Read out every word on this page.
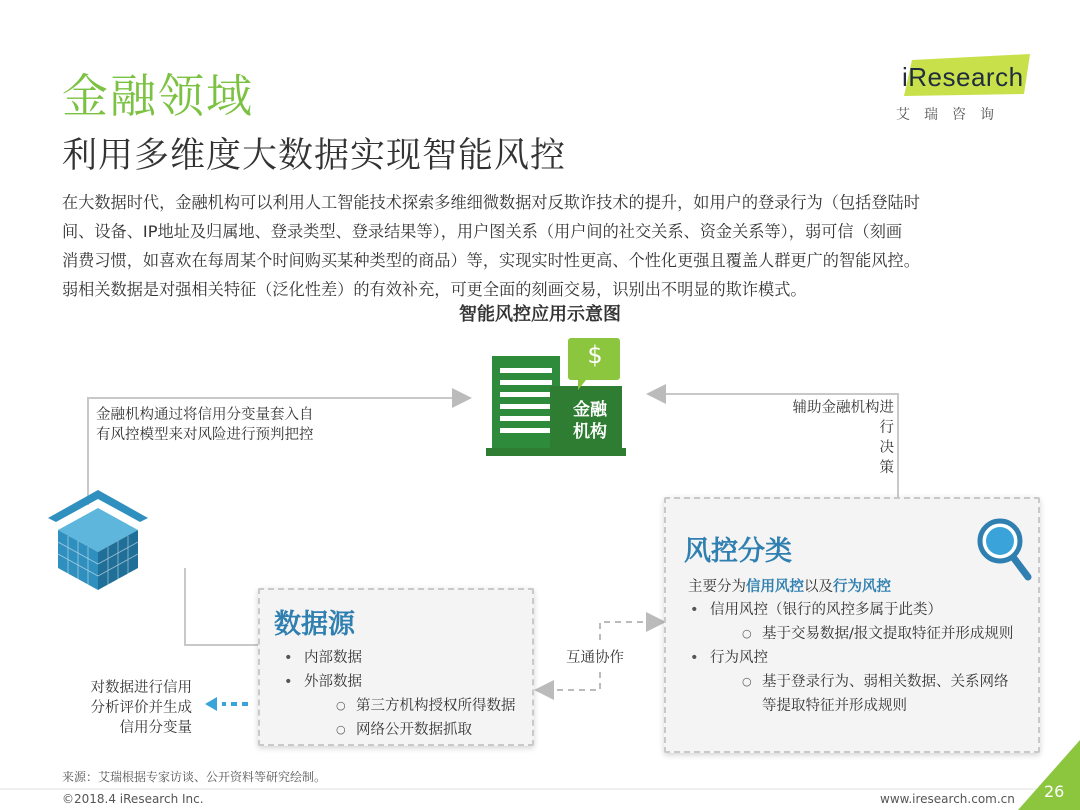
金融领域
利用多维度大数据实现智能风控
iResearch
艾瑞咨询
在大数据时代，金融机构可以利用人工智能技术探索多维细微数据对反欺诈技术的提升，如用户的登录行为（包括登陆时
间、设备、IP地址及归属地、登录类型、登录结果等），用户图关系（用户间的社交关系、资金关系等），弱可信（刻画
消费习惯，如喜欢在每周某个时间购买某种类型的商品）等，实现实时性更高、个性化更强且覆盖人群更广的智能风控。
弱相关数据是对强相关特征（泛化性差）的有效补充，可更全面的刻画交易，识别出不明显的欺诈模式。
智能风控应用示意图
$
金融
机构
金融机构通过将信用分变量套入自
有风控模型来对风险进行预判把控
辅助金融机构进
行
决
策
对数据进行信用
分析评价并生成
信用分变量
数据源
• 内部数据
• 外部数据
○ 第三方机构授权所得数据
○ 网络公开数据抓取
互通协作
风控分类
主要分为信用风控以及行为风控
• 信用风控（银行的风控多属于此类）
○ 基于交易数据/报文提取特征并形成规则
• 行为风控
○ 基于登录行为、弱相关数据、关系网络
等提取特征并形成规则
来源：艾瑞根据专家访谈、公开资料等研究绘制。
©2018.4 iResearch Inc.	www.iresearch.com.cn 26
